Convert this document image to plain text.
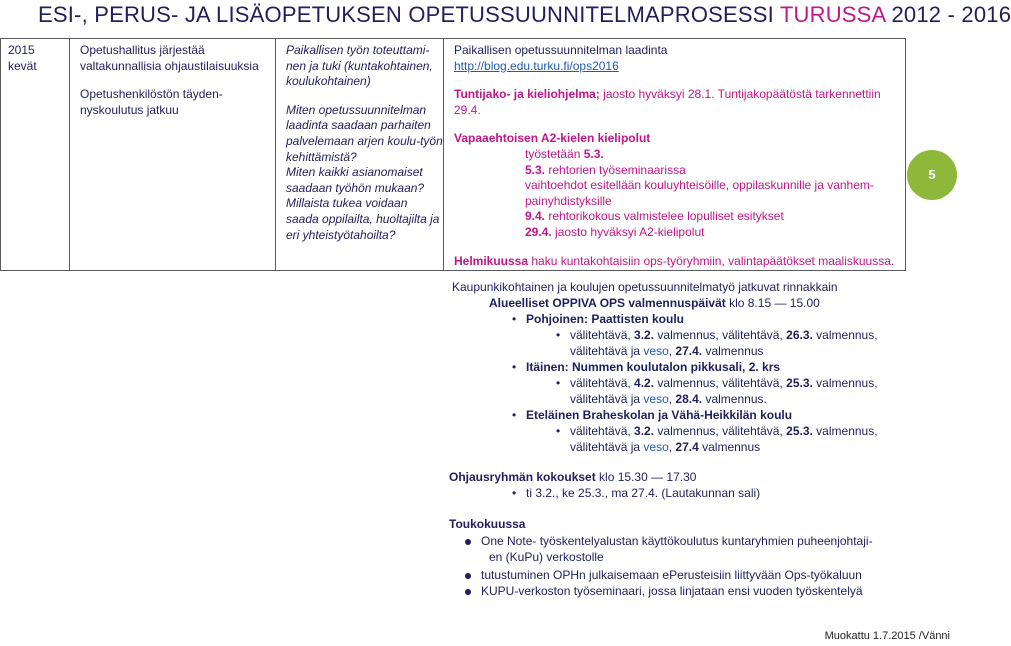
ESI-, PERUS- JA LISÄOPETUKSEN OPETUSSUUNNITELMAPROSESSI TURUSSA 2012 - 2016
5

2015

kevät

Opetushallitus järjestää valtakunnallisia ohjaustilaisuuksia

Opetushenkilöstön täyden-nyskoulutus jatkuu

Paikallisen työn toteuttami-nen ja tuki (kuntakohtainen, koulukohtainen)

Miten opetussuunnitelman laadinta saadaan parhaiten palvelemaan arjen koulu-työn kehittämistä?

Miten kaikki asianomaiset saadaan työhön mukaan?

Millaista tukea voidaan saada oppilailta, huoltajilta ja eri yhteistyötahoilta?

Paikallisen opetussuunnitelman laadinta

http://blog.edu.turku.fi/ops2016

Tuntijako- ja kieliohjelma; jaosto hyväksyi 28.1. Tuntijakopäätöstä tarkennettiin

29.4.

Vapaaehtoisen A2-kielen kielipolut

työstetään 5.3.

5.3. rehtorien työseminaarissa

vaihtoehdot esitellään kouluyhteisöille, oppilaskunnille ja vanhem-

painyhdistyksille

9.4. rehtorikokous valmistelee lopulliset esitykset

29.4. jaosto hyväksyi A2-kielipolut

Helmikuussa haku kuntakohtaisiin ops-työryhmiin, valintapäätökset maaliskuussa.

Kaupunkikohtainen ja koulujen opetussuunnitelmatyö jatkuvat rinnakkain
Alueelliset OPPIVA OPS valmennuspäivät klo 8.15 — 15.00
• Pohjoinen: Paattisten koulu
• välitehtävä, 3.2. valmennus, välitehtävä, 26.3. valmennus,
välitehtävä ja veso, 27.4. valmennus
• Itäinen: Nummen koulutalon pikkusali, 2. krs
• välitehtävä, 4.2. valmennus, välitehtävä, 25.3. valmennus,
välitehtävä ja veso, 28.4. valmennus.
• Eteläinen Braheskolan ja Vähä-Heikkilän koulu
• välitehtävä, 3.2. valmennus, välitehtävä, 25.3. valmennus,
välitehtävä ja veso, 27.4 valmennus
Ohjausryhmän kokoukset klo 15.30 — 17.30
• ti 3.2., ke 25.3., ma 27.4. (Lautakunnan sali)
Toukokuussa
One Note- työskentelyalustan käyttökoulutus kuntaryhmien puheenjohtaji-
en (KuPu) verkostolle
tutustuminen OPHn julkaisemaan ePerusteisiin liittyvään Ops-työkaluun
KUPU-verkoston työseminaari, jossa linjataan ensi vuoden työskentelyä
Muokattu 1.7.2015 /Vänni
